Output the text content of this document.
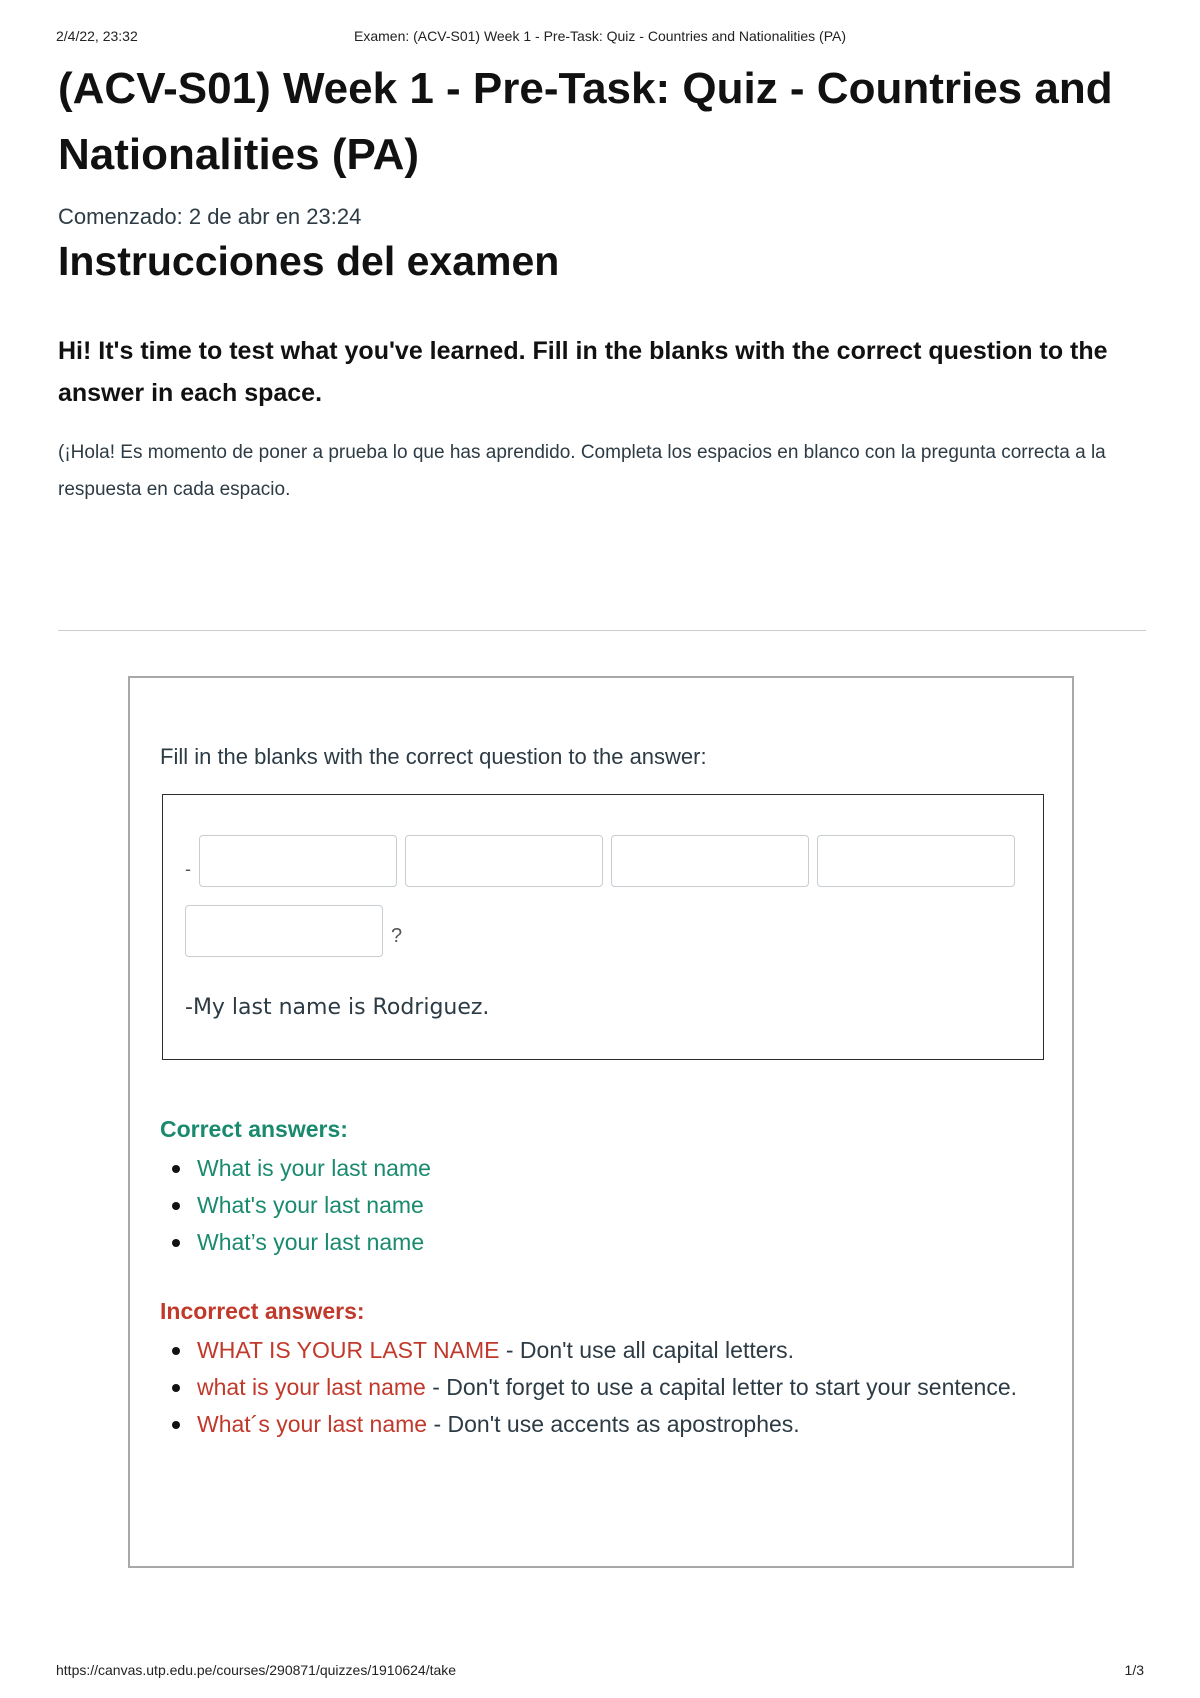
2/4/22, 23:32	Examen: (ACV-S01) Week 1 - Pre-Task: Quiz - Countries and Nationalities (PA)
(ACV-S01) Week 1 - Pre-Task: Quiz - Countries and Nationalities (PA)
Comenzado: 2 de abr en 23:24
Instrucciones del examen

Hi! It's time to test what you've learned. Fill in the blanks with the correct question to the answer in each space.

(¡Hola! Es momento de poner a prueba lo que has aprendido. Completa los espacios en blanco con la pregunta correcta a la respuesta en cada espacio.

Fill in the blanks with the correct question to the answer:
-
?
-My last name is Rodriguez.
Correct answers:
What is your last name
What's your last name
What’s your last name
Incorrect answers:
WHAT IS YOUR LAST NAME - Don't use all capital letters.
what is your last name - Don't forget to use a capital letter to start your sentence.
What´s your last name - Don't use accents as apostrophes.
https://canvas.utp.edu.pe/courses/290871/quizzes/1910624/take	1/3
